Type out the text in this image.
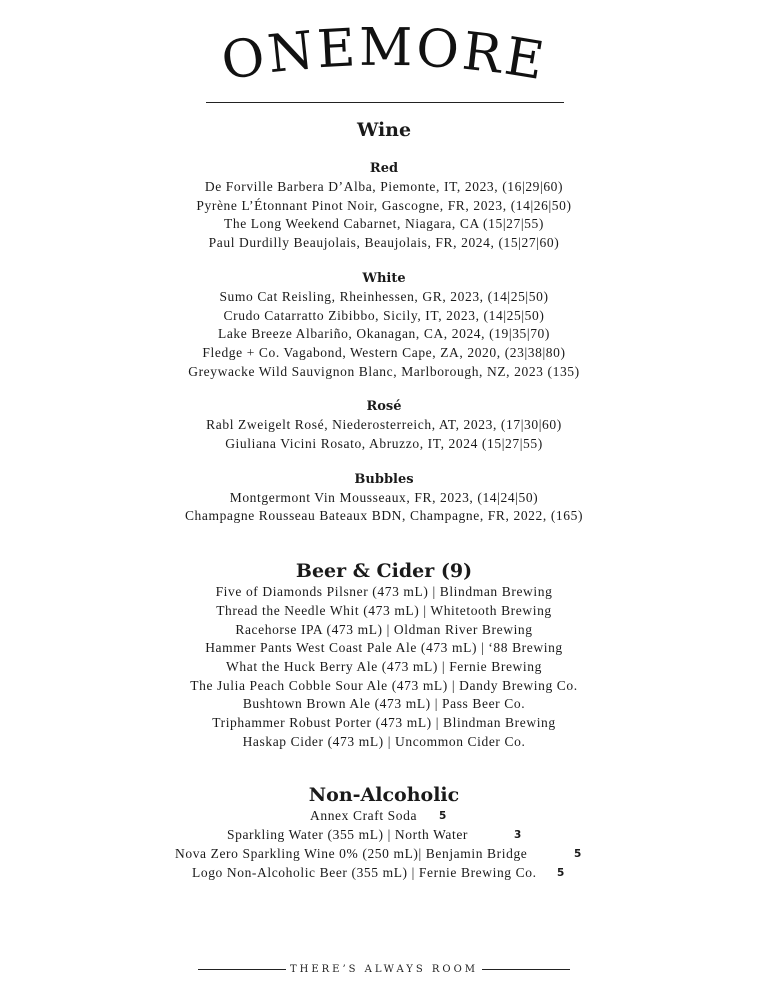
ONEMORE
Wine
Red
De Forville Barbera D’Alba, Piemonte, IT, 2023, (16|29|60)
Pyrène L’Étonnant Pinot Noir, Gascogne, FR, 2023, (14|26|50)
The Long Weekend Cabarnet, Niagara, CA (15|27|55)
Paul Durdilly Beaujolais, Beaujolais, FR, 2024, (15|27|60)
White
Sumo Cat Reisling, Rheinhessen, GR, 2023, (14|25|50)
Crudo Catarratto Zibibbo, Sicily, IT, 2023, (14|25|50)
Lake Breeze Albariño, Okanagan, CA, 2024, (19|35|70)
Fledge + Co. Vagabond, Western Cape, ZA, 2020, (23|38|80)
Greywacke Wild Sauvignon Blanc, Marlborough, NZ, 2023 (135)
Rosé
Rabl Zweigelt Rosé, Niederosterreich, AT, 2023, (17|30|60)
Giuliana Vicini Rosato, Abruzzo, IT, 2024 (15|27|55)
Bubbles
Montgermont Vin Mousseaux, FR, 2023, (14|24|50)
Champagne Rousseau Bateaux BDN, Champagne, FR, 2022, (165)
Beer & Cider (9)
Five of Diamonds Pilsner (473 mL) | Blindman Brewing
Thread the Needle Whit (473 mL) | Whitetooth Brewing
Racehorse IPA (473 mL) | Oldman River Brewing
Hammer Pants West Coast Pale Ale (473 mL) | ‘88 Brewing
What the Huck Berry Ale (473 mL) | Fernie Brewing
The Julia Peach Cobble Sour Ale (473 mL) | Dandy Brewing Co.
Bushtown Brown Ale (473 mL) | Pass Beer Co.
Triphammer Robust Porter (473 mL) | Blindman Brewing
Haskap Cider (473 mL) | Uncommon Cider Co.
Non-Alcoholic
Annex Craft Soda 5
Sparkling Water (355 mL) | North Water	3
Nova Zero Sparkling Wine 0% (250 mL)| Benjamin Bridge	5
Logo Non-Alcoholic Beer (355 mL) | Fernie Brewing Co. 5
THERE’S ALWAYS ROOM
